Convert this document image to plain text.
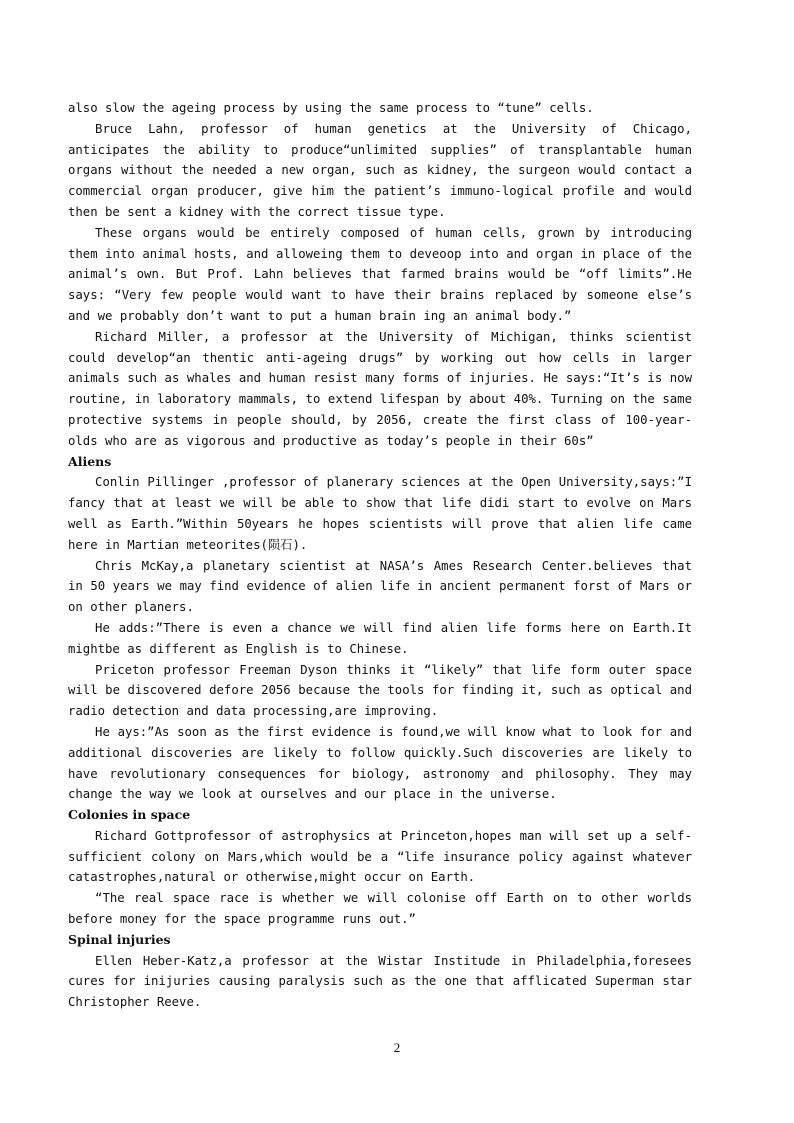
also slow the ageing process by using the same process to “tune” cells.

Bruce Lahn, professor of human genetics at the University of Chicago, anticipates the ability to produce“unlimited supplies” of transplantable human organs without the needed a new organ, such as kidney, the surgeon would contact a commercial organ producer, give him the patient’s immuno-logical profile and would then be sent a kidney with the correct tissue type.

These organs would be entirely composed of human cells, grown by introducing them into animal hosts, and alloweing them to deveoop into and organ in place of the animal’s own. But Prof. Lahn believes that farmed brains would be “off limits”.He says: “Very few people would want to have their brains replaced by someone else’s and we probably don’t want to put a human brain ing an animal body.”

Richard Miller, a professor at the University of Michigan, thinks scientist could develop“an thentic anti-ageing drugs” by working out how cells in larger animals such as whales and human resist many forms of injuries. He says:“It’s is now routine, in laboratory mammals, to extend lifespan by about 40%. Turning on the same protective systems in people should, by 2056, create the first class of 100-year-olds who are as vigorous and productive as today’s people in their 60s”

Aliens

Conlin Pillinger ,professor of planerary sciences at the Open University,says:”I fancy that at least we will be able to show that life didi start to evolve on Mars well as Earth.”Within 50years he hopes scientists will prove that alien life came here in Martian meteorites(陨石).

Chris McKay,a planetary scientist at NASA’s Ames Research Center.believes that in 50 years we may find evidence of alien life in ancient permanent forst of Mars or on other planers.

He adds:”There is even a chance we will find alien life forms here on Earth.It mightbe as different as English is to Chinese.

Priceton professor Freeman Dyson thinks it “likely” that life form outer space will be discovered defore 2056 because the tools for finding it, such as optical and radio detection and data processing,are improving.

He ays:”As soon as the first evidence is found,we will know what to look for and additional discoveries are likely to follow quickly.Such discoveries are likely to have revolutionary consequences for biology, astronomy and philosophy. They may change the way we look at ourselves and our place in the universe.

Colonies in space

Richard Gottprofessor of astrophysics at Princeton,hopes man will set up a self-sufficient colony on Mars,which would be a “life insurance policy against whatever catastrophes,natural or otherwise,might occur on Earth.

“The real space race is whether we will colonise off Earth on to other worlds before money for the space programme runs out.”

Spinal injuries

Ellen Heber-Katz,a professor at the Wistar Institude in Philadelphia,foresees cures for inijuries causing paralysis such as the one that afflicated Superman star Christopher Reeve.

2
